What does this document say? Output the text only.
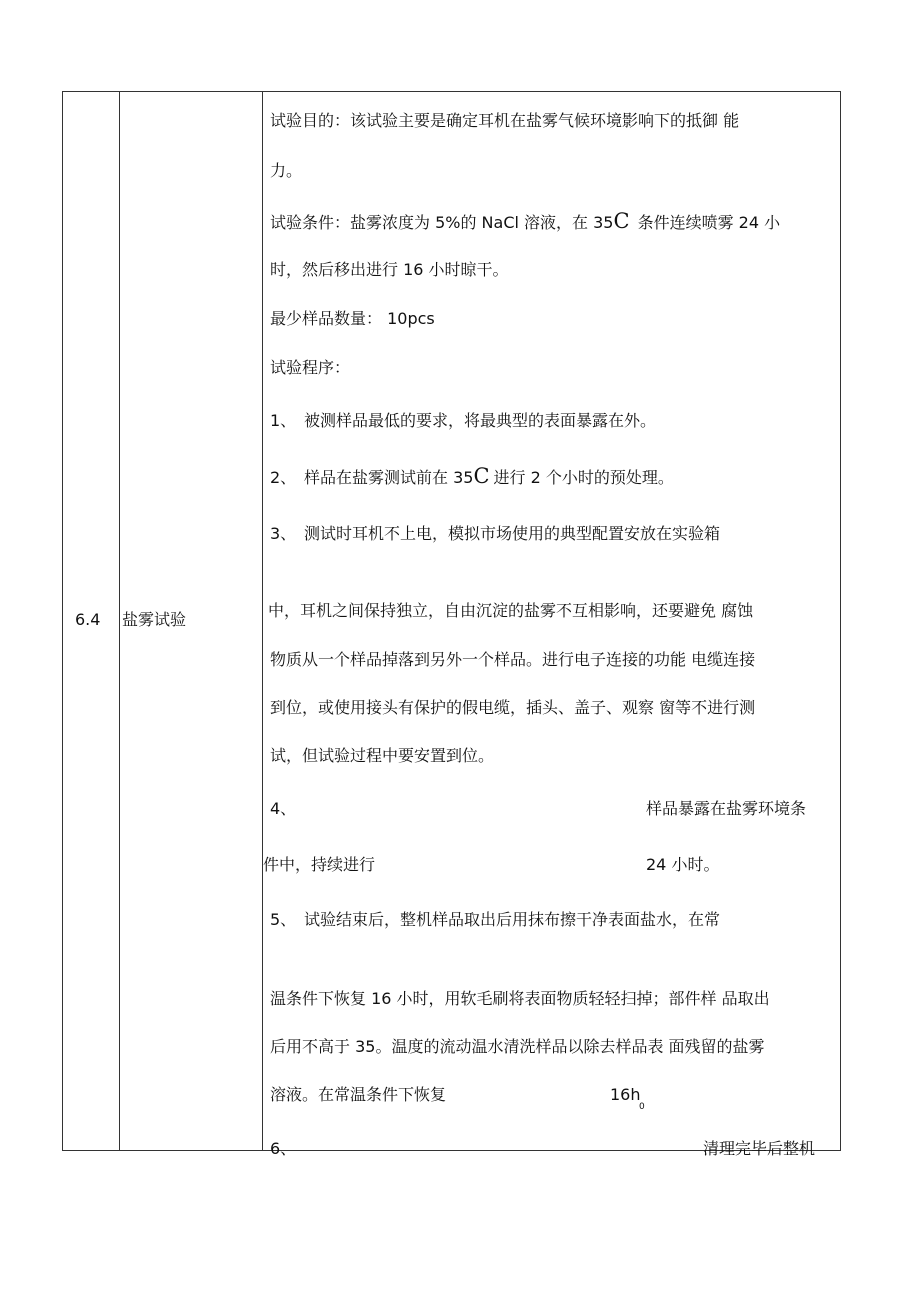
6.4 盐雾试验
试验目的：该试验主要是确定耳机在盐雾气候环境影响下的抵御 能
力。
试验条件：盐雾浓度为 5%的 NaCl 溶液，在 35C 条件连续喷雾 24 小
时，然后移出进行 16 小时晾干。
最少样品数量： 10pcs
试验程序：
1、 被测样品最低的要求，将最典型的表面暴露在外。
2、 样品在盐雾测试前在 35C 进行 2 个小时的预处理。
3、 测试时耳机不上电，模拟市场使用的典型配置安放在实验箱
中，耳机之间保持独立，自由沉淀的盐雾不互相影响，还要避免 腐蚀
物质从一个样品掉落到另外一个样品。进行电子连接的功能 电缆连接
到位，或使用接头有保护的假电缆，插头、盖子、观察 窗等不进行测
试，但试验过程中要安置到位。
4、	样品暴露在盐雾环境条
件中，持续进行	24 小时。
5、 试验结束后，整机样品取出后用抹布擦干净表面盐水，在常
温条件下恢复 16 小时，用软毛刷将表面物质轻轻扫掉；部件样 品取出
后用不高于 35。温度的流动温水清洗样品以除去样品表 面残留的盐雾
溶液。在常温条件下恢复	16h
0
6、	清理完毕后整机
